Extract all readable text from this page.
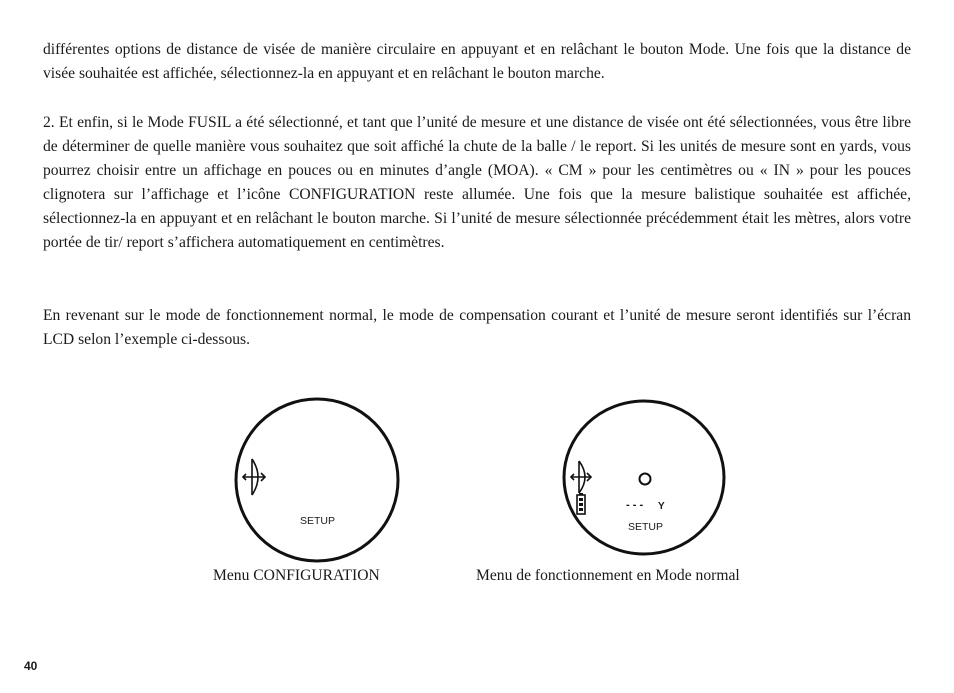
différentes options de distance de visée de manière circulaire en appuyant et en relâchant le bouton Mode. Une fois que la distance de visée souhaitée est affichée, sélectionnez-la en appuyant et en relâchant le bouton marche.

2. Et enfin, si le Mode FUSIL a été sélectionné, et tant que l’unité de mesure et une distance de visée ont été sélectionnées, vous être libre de déterminer de quelle manière vous souhaitez que soit affiché la chute de la balle / le report. Si les unités de mesure sont en yards, vous pourrez choisir entre un affichage en pouces ou en minutes d’angle (MOA). « CM » pour les centimètres ou « IN » pour les pouces clignotera sur l’affichage et l’icône CONFIGURATION reste allumée. Une fois que la mesure balistique souhaitée est affichée, sélectionnez-la en appuyant et en relâchant le bouton marche. Si l’unité de mesure sélectionnée précédemment était les mètres, alors votre portée de tir/ report s’affichera automatiquement en centimètres.

En revenant sur le mode de fonctionnement normal, le mode de compensation courant et l’unité de mesure seront identifiés sur l’écran LCD selon l’exemple ci-dessous.

SETUP
- - - Y
SETUP
Menu CONFIGURATION	Menu de fonctionnement en Mode normal
40
